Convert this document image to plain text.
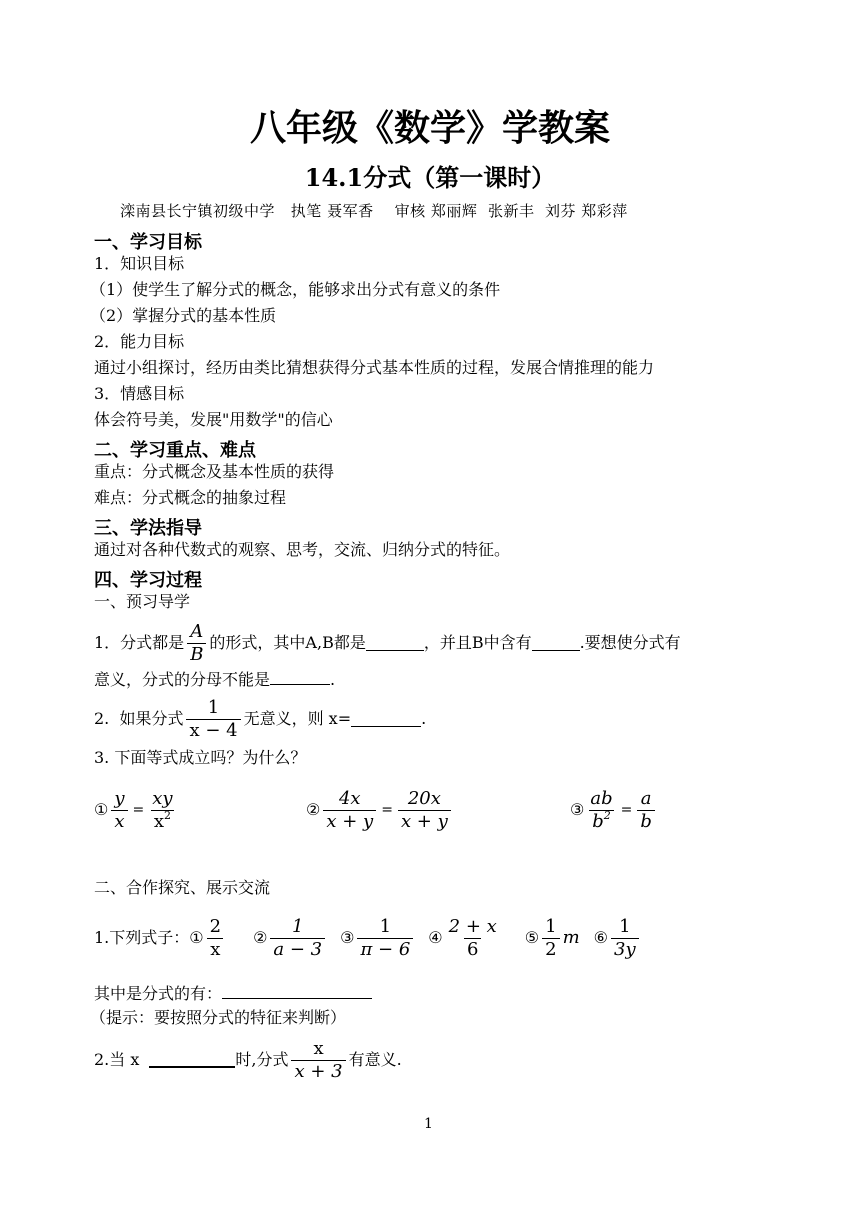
八年级《数学》学教案
14.1分式（第一课时）
滦南县长宁镇初级中学   执笔 聂军香    审核 郑丽辉  张新丰  刘芬 郑彩萍
一、学习目标
1．知识目标
（1）使学生了解分式的概念，能够求出分式有意义的条件
（2）掌握分式的基本性质
2．能力目标
通过小组探讨，经历由类比猜想获得分式基本性质的过程，发展合情推理的能力
3．情感目标
体会符号美，发展"用数学"的信心
二、学习重点、难点
重点：分式概念及基本性质的获得
难点：分式概念的抽象过程
三、学法指导
通过对各种代数式的观察、思考，交流、归纳分式的特征。
四、学习过程
一、预习导学
1．分式都是 $\frac{A}{B}$ 的形式，其中A,B都是	，并且B中含有	.要想使分式有
意义，分式的分母不能是	.
2.  如果分式 $\frac{1}{x - 4}$ 无意义，则 x=	.
3. 下面等式成立吗？为什么？
① $\frac{y}{x} = \frac{xy}{x^2}$	② $\frac{4x}{x + y} = \frac{20x}{x + y}$	③ $\frac{ab}{b^2} = \frac{a}{b}$
二、合作探究、展示交流
1.下列式子： ① $\frac{2}{x}$ ② $\frac{1}{a - 3}$ ③ $\frac{1}{\pi - 6}$ ④ $\frac{2 + x}{6}$ ⑤ $\frac{1}{2}$ m ⑥ $\frac{1}{3y}$
其中是分式的有：
（提示：要按照分式的特征来判断）
2.当 x	时,分式 $\frac{x}{x + 3}$ 有意义.
1
